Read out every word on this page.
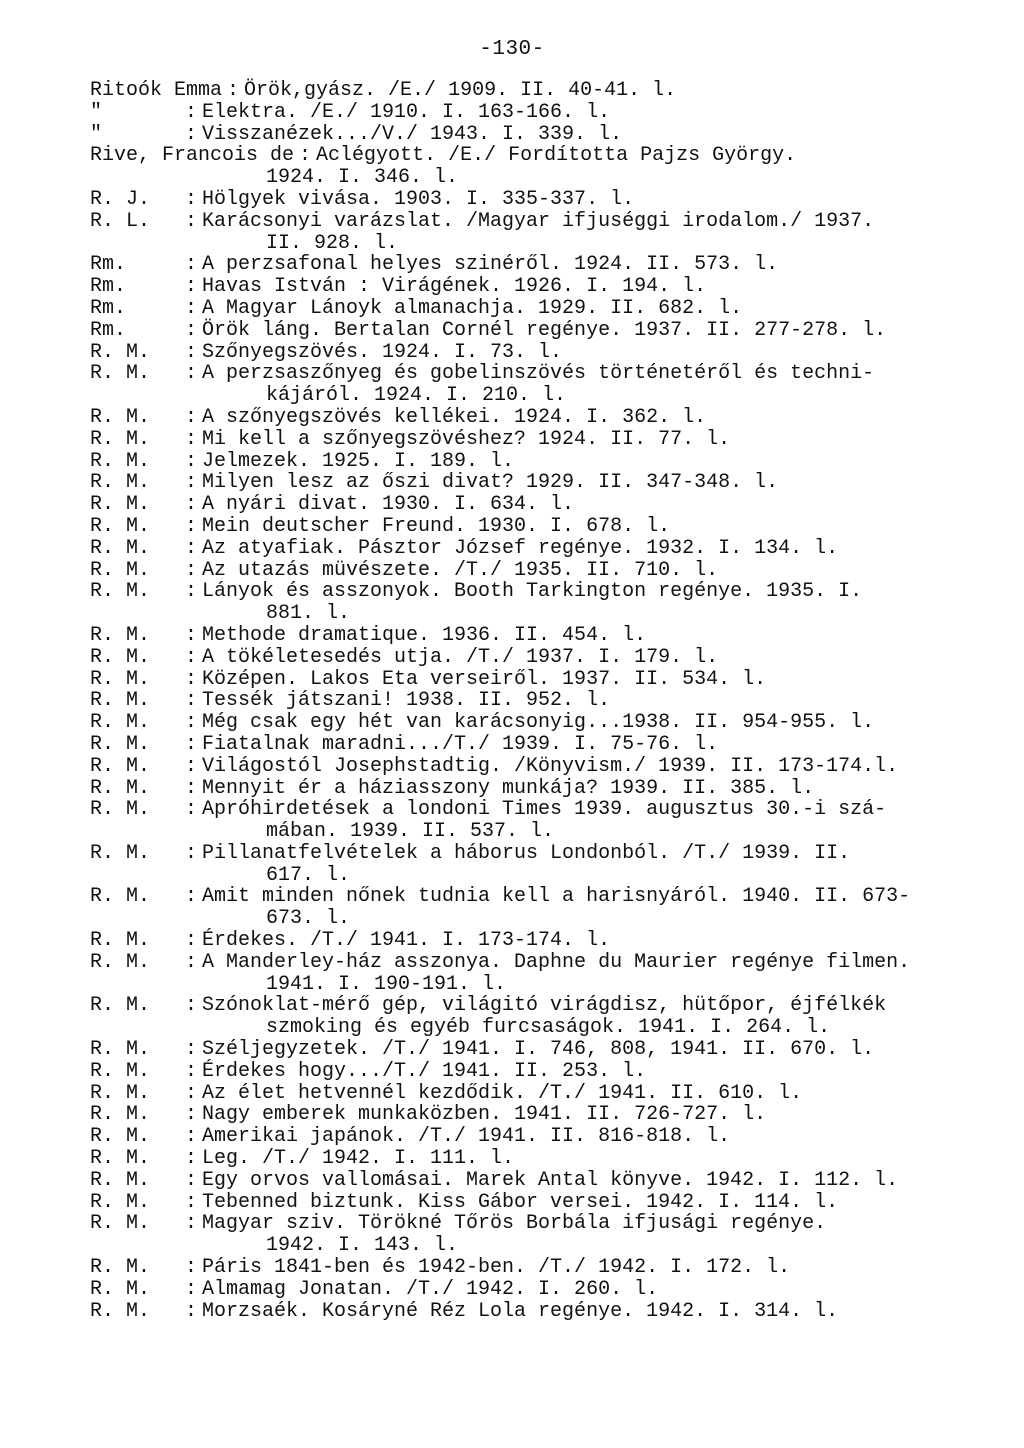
-130-
Ritoók Emma : Örök,gyász. /E./ 1909. II. 40-41. l.
"	: Elektra. /E./ 1910. I. 163-166. l.
"	: Visszanézek.../V./ 1943. I. 339. l.
Rive, Francois de : Aclégyott. /E./ Fordította Pajzs György.
1924. I. 346. l.
R. J.	: Hölgyek vivása. 1903. I. 335-337. l.
R. L.	: Karácsonyi varázslat. /Magyar ifjuséggi irodalom./ 1937.
II. 928. l.
Rm.	: A perzsafonal helyes szinéről. 1924. II. 573. l.
Rm.	: Havas István : Virágének. 1926. I. 194. l.
Rm.	: A Magyar Lánoyk almanachja. 1929. II. 682. l.
Rm.	: Örök láng. Bertalan Cornél regénye. 1937. II. 277-278. l.
R. M.	: Szőnyegszövés. 1924. I. 73. l.
R. M.	: A perzsaszőnyeg és gobelinszövés történetéről és techni-
kájáról. 1924. I. 210. l.
R. M.	: A szőnyegszövés kellékei. 1924. I. 362. l.
R. M.	: Mi kell a szőnyegszövéshez? 1924. II. 77. l.
R. M.	: Jelmezek. 1925. I. 189. l.
R. M.	: Milyen lesz az őszi divat? 1929. II. 347-348. l.
R. M.	: A nyári divat. 1930. I. 634. l.
R. M.	: Mein deutscher Freund. 1930. I. 678. l.
R. M.	: Az atyafiak. Pásztor József regénye. 1932. I. 134. l.
R. M.	: Az utazás müvészete. /T./ 1935. II. 710. l.
R. M.	: Lányok és asszonyok. Booth Tarkington regénye. 1935. I.
881. l.
R. M.	: Methode dramatique. 1936. II. 454. l.
R. M.	: A tökéletesedés utja. /T./ 1937. I. 179. l.
R. M.	: Középen. Lakos Eta verseiről. 1937. II. 534. l.
R. M.	: Tessék játszani! 1938. II. 952. l.
R. M.	: Még csak egy hét van karácsonyig...1938. II. 954-955. l.
R. M.	: Fiatalnak maradni.../T./ 1939. I. 75-76. l.
R. M.	: Világostól Josephstadtig. /Könyvism./ 1939. II. 173-174.l.
R. M.	: Mennyit ér a háziasszony munkája? 1939. II. 385. l.
R. M.	: Apróhirdetések a londoni Times 1939. augusztus 30.-i szá-
mában. 1939. II. 537. l.
R. M.	: Pillanatfelvételek a háborus Londonból. /T./ 1939. II.
617. l.
R. M.	: Amit minden nőnek tudnia kell a harisnyáról. 1940. II. 673-
673. l.
R. M.	: Érdekes. /T./ 1941. I. 173-174. l.
R. M.	: A Manderley-ház asszonya. Daphne du Maurier regénye filmen.
1941. I. 190-191. l.
R. M.	: Szónoklat-mérő gép, világitó virágdisz, hütőpor, éjfélkék
szmoking és egyéb furcsaságok. 1941. I. 264. l.
R. M.	: Széljegyzetek. /T./ 1941. I. 746, 808, 1941. II. 670. l.
R. M.	: Érdekes hogy.../T./ 1941. II. 253. l.
R. M.	: Az élet hetvennél kezdődik. /T./ 1941. II. 610. l.
R. M.	: Nagy emberek munkaközben. 1941. II. 726-727. l.
R. M.	: Amerikai japánok. /T./ 1941. II. 816-818. l.
R. M.	: Leg. /T./ 1942. I. 111. l.
R. M.	: Egy orvos vallomásai. Marek Antal könyve. 1942. I. 112. l.
R. M.	: Tebenned biztunk. Kiss Gábor versei. 1942. I. 114. l.
R. M.	: Magyar sziv. Törökné Tőrös Borbála ifjusági regénye.
1942. I. 143. l.
R. M.	: Páris 1841-ben és 1942-ben. /T./ 1942. I. 172. l.
R. M.	: Almamag Jonatan. /T./ 1942. I. 260. l.
R. M.	: Morzsaék. Kosáryné Réz Lola regénye. 1942. I. 314. l.
